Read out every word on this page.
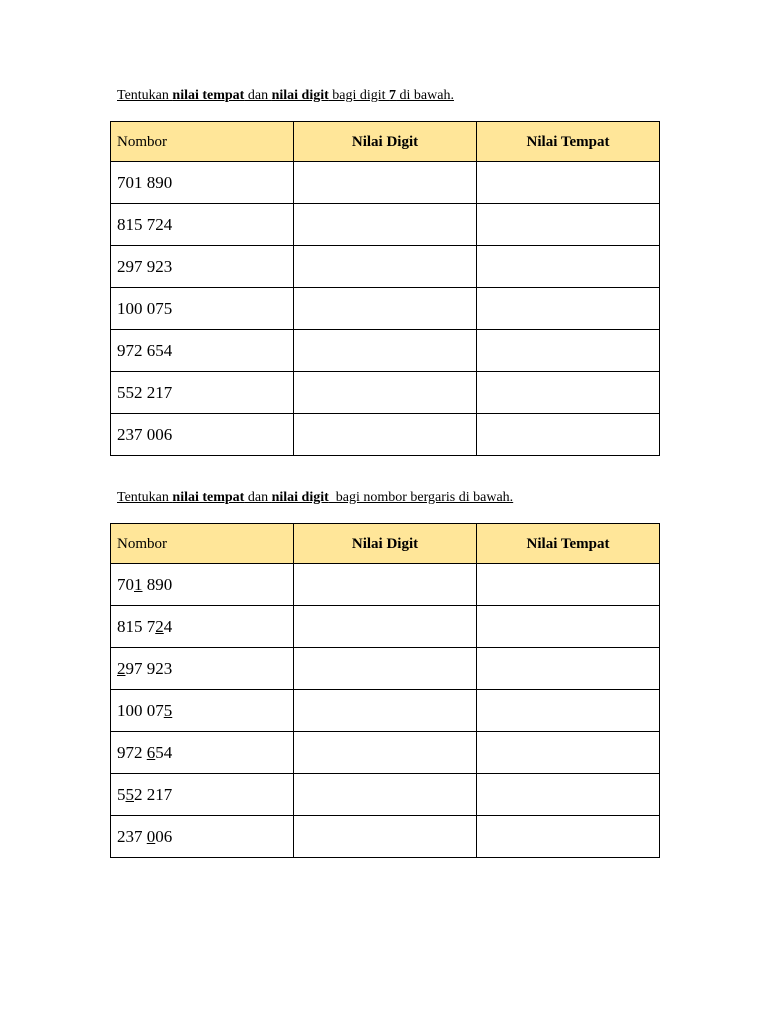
Tentukan nilai tempat dan nilai digit bagi digit 7 di bawah.
Nombor	Nilai Digit	Nilai Tempat
701 890		
815 724		
297 923		
100 075		
972 654		
552 217		
237 006		
Tentukan nilai tempat dan nilai digit  bagi nombor bergaris di bawah.
Nombor	Nilai Digit	Nilai Tempat
701 890		
815 724		
297 923		
100 075		
972 654		
552 217		
237 006		
